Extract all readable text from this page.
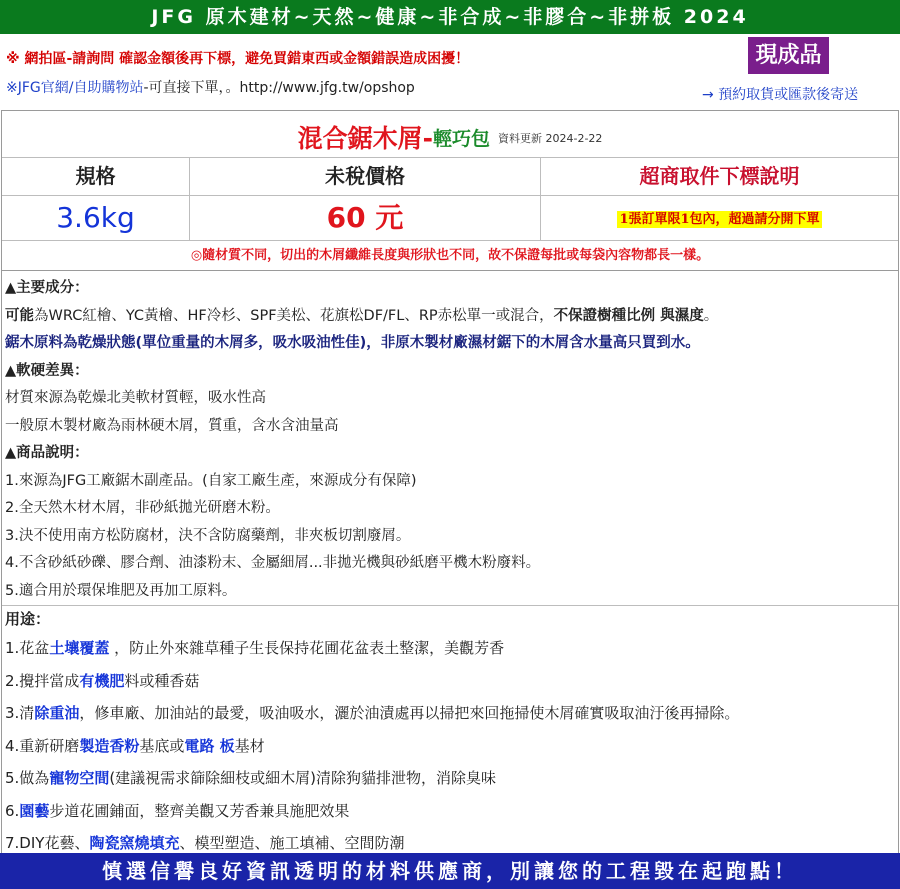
JFG 原木建材~天然~健康~非合成~非膠合~非拼板 2024
※ 網拍區-請詢問 確認金額後再下標，避免買錯東西或金額錯誤造成困擾！
※JFG官網/自助購物站-可直接下單，。http://www.jfg.tw/opshop
現成品
→ 預約取貨或匯款後寄送
混合鋸木屑-輕巧包 資料更新 2024-2-22
規格	未稅價格	超商取件下標說明
3.6kg	60 元	1張訂單限1包內，超過請分開下單
◎隨材質不同，切出的木屑纖維長度與形狀也不同，故不保證每批或每袋內容物都長一樣。
▲主要成分：
可能為WRC紅檜、YC黃檜、HF冷杉、SPF美松、花旗松DF/FL、RP赤松單一或混合，不保證樹種比例 與濕度。
鋸木原料為乾燥狀態(單位重量的木屑多，吸水吸油性佳)，非原木製材廠濕材鋸下的木屑含水量高只買到水。
▲軟硬差異：
材質來源為乾燥北美軟材質輕，吸水性高
一般原木製材廠為雨林硬木屑，質重，含水含油量高
▲商品說明：
1.來源為JFG工廠鋸木副產品。(自家工廠生產，來源成分有保障)
2.全天然木材木屑，非砂紙拋光研磨木粉。
3.決不使用南方松防腐材，決不含防腐藥劑，非夾板切割廢屑。
4.不含砂紙砂礫、膠合劑、油漆粉末、金屬細屑...非拋光機與砂紙磨平機木粉廢料。
5.適合用於環保堆肥及再加工原料。
用途：
1.花盆土壤覆蓋 ，防止外來雜草種子生長保持花圃花盆表土整潔，美觀芳香
2.攪拌當成有機肥料或種香菇
3.清除重油，修車廠、加油站的最愛，吸油吸水，灑於油漬處再以掃把來回拖掃使木屑確實吸取油汙後再掃除。
4.重新研磨製造香粉基底或電路 板基材
5.做為寵物空間(建議視需求篩除細枝或細木屑)清除狗貓排泄物，消除臭味
6.園藝步道花圃鋪面，整齊美觀又芳香兼具施肥效果
7.DIY花藝、陶瓷窯燒填充、模型塑造、施工填補、空間防潮
慎選信譽良好資訊透明的材料供應商，別讓您的工程毀在起跑點！
